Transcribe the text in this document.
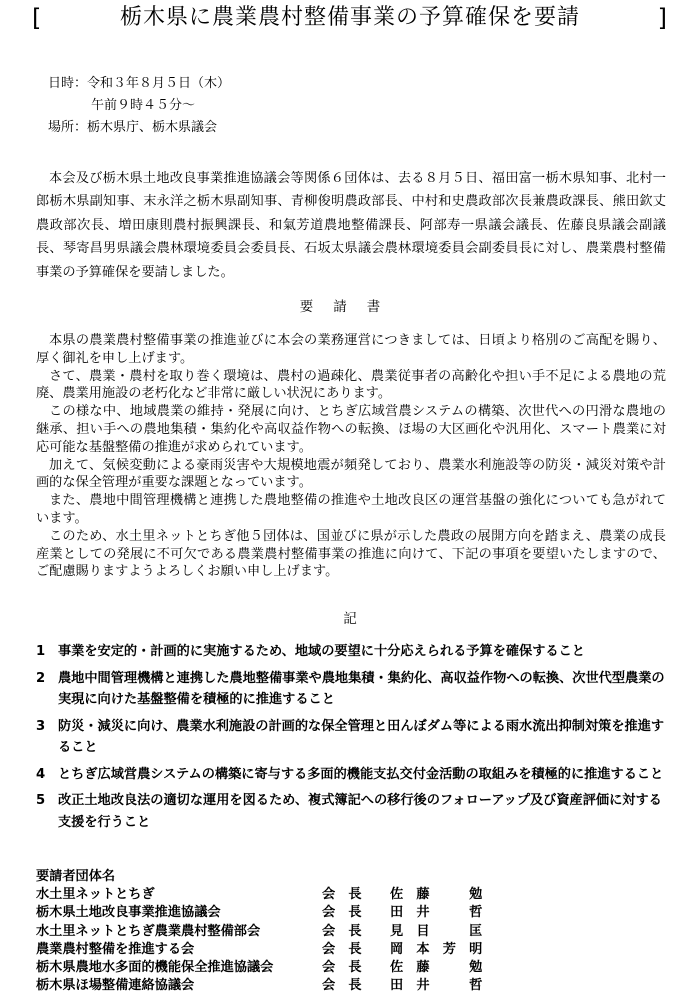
[	栃木県に農業農村整備事業の予算確保を要請	]
日時：令和３年８月５日（木）
午前９時４５分～
場所：栃木県庁、栃木県議会
本会及び栃木県土地改良事業推進協議会等関係６団体は、去る８月５日、福田富一栃木県知事、北村一郎栃木県副知事、末永洋之栃木県副知事、青柳俊明農政部長、中村和史農政部次長兼農政課長、熊田欽丈農政部次長、増田康則農村振興課長、和氣芳道農地整備課長、阿部寿一県議会議長、佐藤良県議会副議長、琴寄昌男県議会農林環境委員会委員長、石坂太県議会農林環境委員会副委員長に対し、農業農村整備事業の予算確保を要請しました。
要請書

本県の農業農村整備事業の推進並びに本会の業務運営につきましては、日頃より格別のご高配を賜り、厚く御礼を申し上げます。

さて、農業・農村を取り巻く環境は、農村の過疎化、農業従事者の高齢化や担い手不足による農地の荒廃、農業用施設の老朽化など非常に厳しい状況にあります。

この様な中、地域農業の維持・発展に向け、とちぎ広域営農システムの構築、次世代への円滑な農地の継承、担い手への農地集積・集約化や高収益作物への転換、ほ場の大区画化や汎用化、スマート農業に対応可能な基盤整備の推進が求められています。

加えて、気候変動による豪雨災害や大規模地震が頻発しており、農業水利施設等の防災・減災対策や計画的な保全管理が重要な課題となっています。

また、農地中間管理機構と連携した農地整備の推進や土地改良区の運営基盤の強化についても急がれています。

このため、水土里ネットとちぎ他５団体は、国並びに県が示した農政の展開方向を踏まえ、農業の成長産業としての発展に不可欠である農業農村整備事業の推進に向けて、下記の事項を要望いたしますので、ご配慮賜りますようよろしくお願い申し上げます。

記
1 事業を安定的・計画的に実施するため、地域の要望に十分応えられる予算を確保すること
2 農地中間管理機構と連携した農地整備事業や農地集積・集約化、高収益作物への転換、次世代型農業の実現に向けた基盤整備を積極的に推進すること
3 防災・減災に向け、農業水利施設の計画的な保全管理と田んぼダム等による雨水流出抑制対策を推進すること
4 とちぎ広域営農システムの構築に寄与する多面的機能支払交付金活動の取組みを積極的に推進すること
5 改正土地改良法の適切な運用を図るため、複式簿記への移行後のフォローアップ及び資産評価に対する支援を行うこと
要請者団体名
水土里ネットとちぎ	会　長	佐　藤　　　勉
栃木県土地改良事業推進協議会	会　長	田　井　　　哲
水土里ネットとちぎ農業農村整備部会	会　長	見　目　　　匡
農業農村整備を推進する会	会　長	岡　本　芳　明
栃木県農地水多面的機能保全推進協議会	会　長	佐　藤　　　勉
栃木県ほ場整備連絡協議会	会　長	田　井　　　哲
